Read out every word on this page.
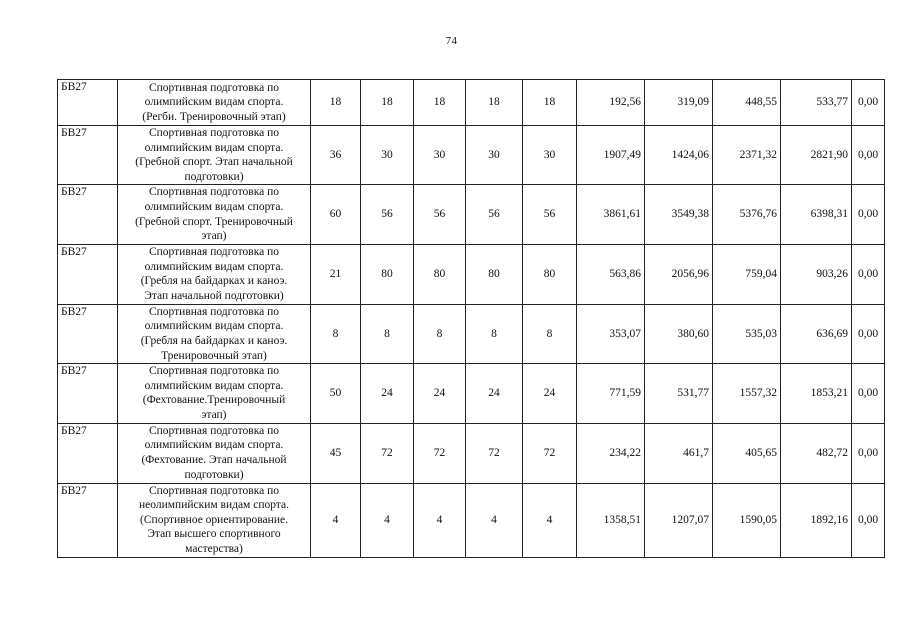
74
БВ27	Спортивная подготовка по
олимпийским видам спорта.
(Регби. Тренировочный этап)	18	18	18	18	18	192,56	319,09	448,55	533,77	0,00
БВ27	Спортивная подготовка по
олимпийским видам спорта.
(Гребной спорт. Этап начальной
подготовки)	36	30	30	30	30	1907,49	1424,06	2371,32	2821,90	0,00
БВ27	Спортивная подготовка по
олимпийским видам спорта.
(Гребной спорт. Тренировочный
этап)	60	56	56	56	56	3861,61	3549,38	5376,76	6398,31	0,00
БВ27	Спортивная подготовка по
олимпийским видам спорта.
(Гребля на байдарках и каноэ.
Этап начальной подготовки)	21	80	80	80	80	563,86	2056,96	759,04	903,26	0,00
БВ27	Спортивная подготовка по
олимпийским видам спорта.
(Гребля на байдарках и каноэ.
Тренировочный этап)	8	8	8	8	8	353,07	380,60	535,03	636,69	0,00
БВ27	Спортивная подготовка по
олимпийским видам спорта.
(Фехтование.Тренировочный
этап)	50	24	24	24	24	771,59	531,77	1557,32	1853,21	0,00
БВ27	Спортивная подготовка по
олимпийским видам спорта.
(Фехтование. Этап начальной
подготовки)	45	72	72	72	72	234,22	461,7	405,65	482,72	0,00
БВ27	Спортивная подготовка по
неолимпийским видам спорта.
(Спортивное ориентирование.
Этап высшего спортивного
мастерства)	4	4	4	4	4	1358,51	1207,07	1590,05	1892,16	0,00
